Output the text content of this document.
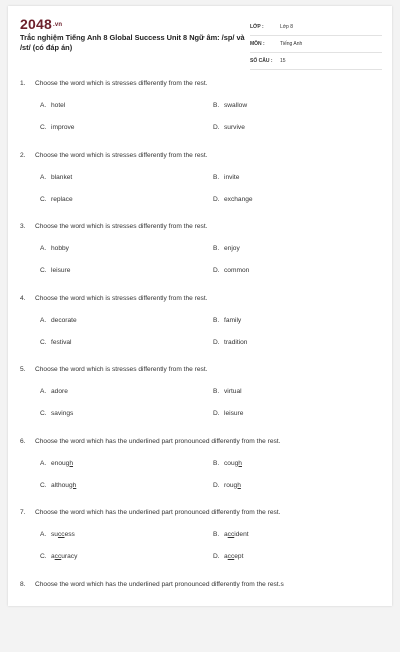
2048.vn
Trắc nghiệm Tiếng Anh 8 Global Success Unit 8 Ngữ âm: /sp/ và /st/ (có đáp án)
LỚP :	Lớp 8
MÔN :	Tiếng Anh
SỐ CÂU :	15
1. Choose the word which is stresses differently from the rest.
A. hotel	B. swallow
C. improve	D. survive
2. Choose the word which is stresses differently from the rest.
A. blanket	B. invite
C. replace	D. exchange
3. Choose the word which is stresses differently from the rest.
A. hobby	B. enjoy
C. leisure	D. common
4. Choose the word which is stresses differently from the rest.
A. decorate	B. family
C. festival	D. tradition
5. Choose the word which is stresses differently from the rest.
A. adore	B. virtual
C. savings	D. leisure
6. Choose the word which has the underlined part pronounced differently from the rest.
A. enough	B. cough
C. although	D. rough
7. Choose the word which has the underlined part pronounced differently from the rest.
A. success	B. accident
C. accuracy	D. accept
8. Choose the word which has the underlined part pronounced differently from the rest.s
